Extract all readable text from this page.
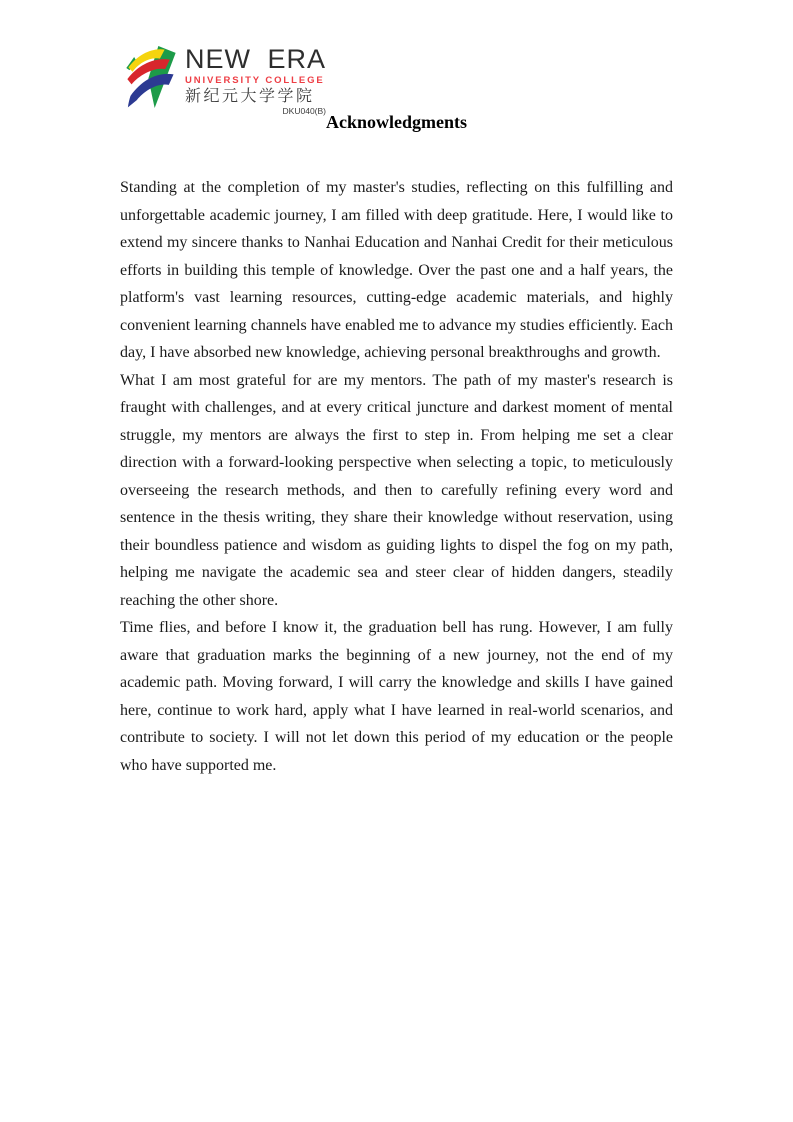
NEW ERA
UNIVERSITY COLLEGE
新纪元大学学院
DKU040(B)
Acknowledgments

Standing at the completion of my master's studies, reflecting on this fulfilling and unforgettable academic journey, I am filled with deep gratitude. Here, I would like to extend my sincere thanks to Nanhai Education and Nanhai Credit for their meticulous efforts in building this temple of knowledge. Over the past one and a half years, the platform's vast learning resources, cutting-edge academic materials, and highly convenient learning channels have enabled me to advance my studies efficiently. Each day, I have absorbed new knowledge, achieving personal breakthroughs and growth.

What I am most grateful for are my mentors. The path of my master's research is fraught with challenges, and at every critical juncture and darkest moment of mental struggle, my mentors are always the first to step in. From helping me set a clear direction with a forward-looking perspective when selecting a topic, to meticulously overseeing the research methods, and then to carefully refining every word and sentence in the thesis writing, they share their knowledge without reservation, using their boundless patience and wisdom as guiding lights to dispel the fog on my path, helping me navigate the academic sea and steer clear of hidden dangers, steadily reaching the other shore.

Time flies, and before I know it, the graduation bell has rung. However, I am fully aware that graduation marks the beginning of a new journey, not the end of my academic path. Moving forward, I will carry the knowledge and skills I have gained here, continue to work hard, apply what I have learned in real-world scenarios, and contribute to society. I will not let down this period of my education or the people who have supported me.
